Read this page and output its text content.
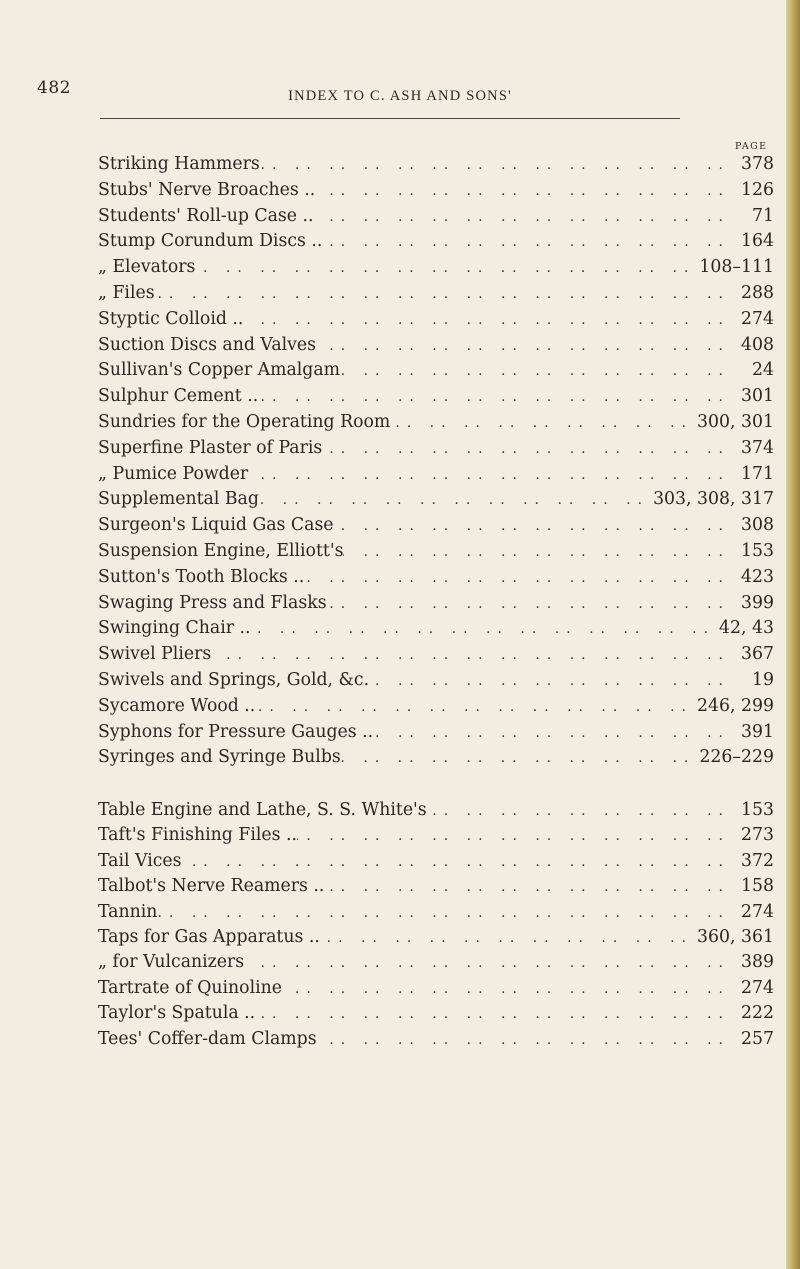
482	INDEX TO C. ASH AND SONS'
PAGE
Striking Hammers .. ..	378
Stubs' Nerve Broaches .. .. ..	126
Students' Roll-up Case .. .. ..	71
Stump Corundum Discs .. .. ..	164
„ Elevators .. ..	108–111
„ Files .. ..	288
Styptic Colloid .. .. ..	274
Suction Discs and Valves .. ..	408
Sullivan's Copper Amalgam .. ..	24
Sulphur Cement .. .. ..	301
Sundries for the Operating Room .. ..	300, 301
Superfine Plaster of Paris .. ..	374
„ Pumice Powder .. ..	171
Supplemental Bag .. ..	303, 308, 317
Surgeon's Liquid Gas Case .. ..	308
Suspension Engine, Elliott's .. ..	153
Sutton's Tooth Blocks .. .. ..	423
Swaging Press and Flasks .. ..	399
Swinging Chair .. .. ..	42, 43
Swivel Pliers .. ..	367
Swivels and Springs, Gold, &c. .. ..	19
Sycamore Wood .. .. ..	246, 299
Syphons for Pressure Gauges .. .. ..	391
Syringes and Syringe Bulbs .. ..	226–229
Table Engine and Lathe, S. S. White's .. ..	153
Taft's Finishing Files .. .. ..	273
Tail Vices .. ..	372
Talbot's Nerve Reamers .. .. ..	158
Tannin .. ..	274
Taps for Gas Apparatus .. .. ..	360, 361
„ for Vulcanizers .. ..	389
Tartrate of Quinoline .. ..	274
Taylor's Spatula .. .. ..	222
Tees' Coffer-dam Clamps .. ..	257
